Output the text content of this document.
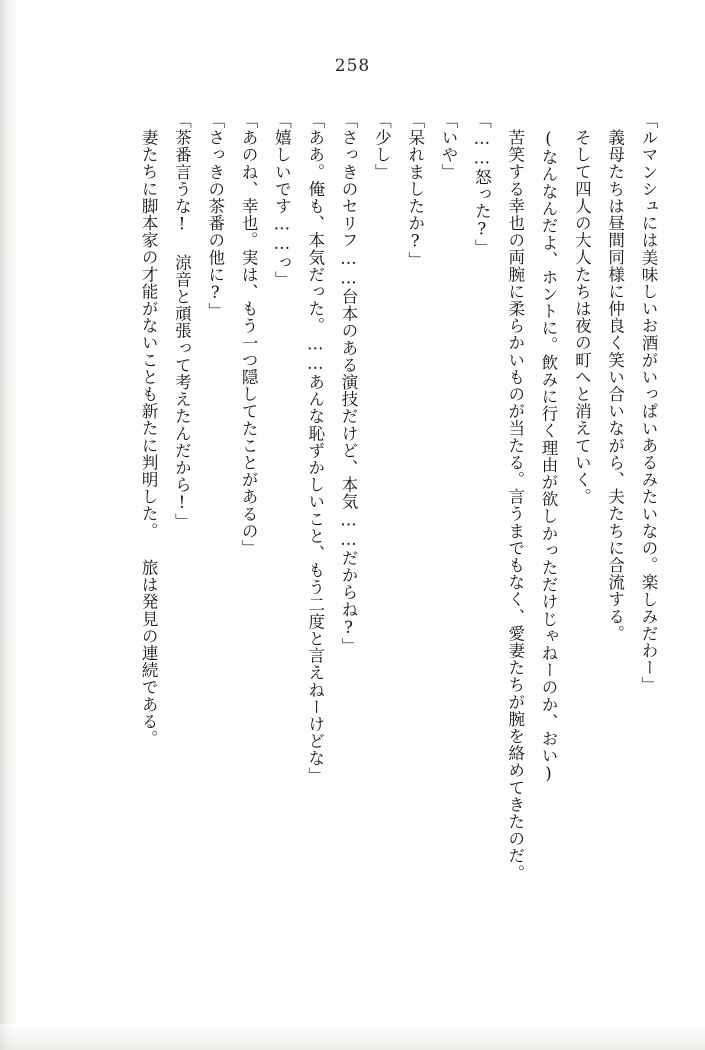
258

「ルマンシュには美味しいお酒がいっぱいあるみたいなの。楽しみだわー」

義母たちは昼間同様に仲良く笑い合いながら、夫たちに合流する。

そして四人の大人たちは夜の町へと消えていく。

(なんなんだよ、ホントに。飲みに行く理由が欲しかっただけじゃねーのか、おい)

苦笑する幸也の両腕に柔らかいものが当たる。言うまでもなく、愛妻たちが腕を絡めてきたのだ。

「……怒った?」

「いや」

「呆れましたか?」

「少し」

「さっきのセリフ……台本のある演技だけど、本気……だからね?」

「ああ。俺も、本気だった。……あんな恥ずかしいこと、もう二度と言えねーけどな」

「嬉しいです……っ」

「あのね、幸也。実は、もう一つ隠してたことがあるの」

「さっきの茶番の他に?」

「茶番言うな! 涼音と頑張って考えたんだから!」

妻たちに脚本家の才能がないことも新たに判明した。 旅は発見の連続である。
